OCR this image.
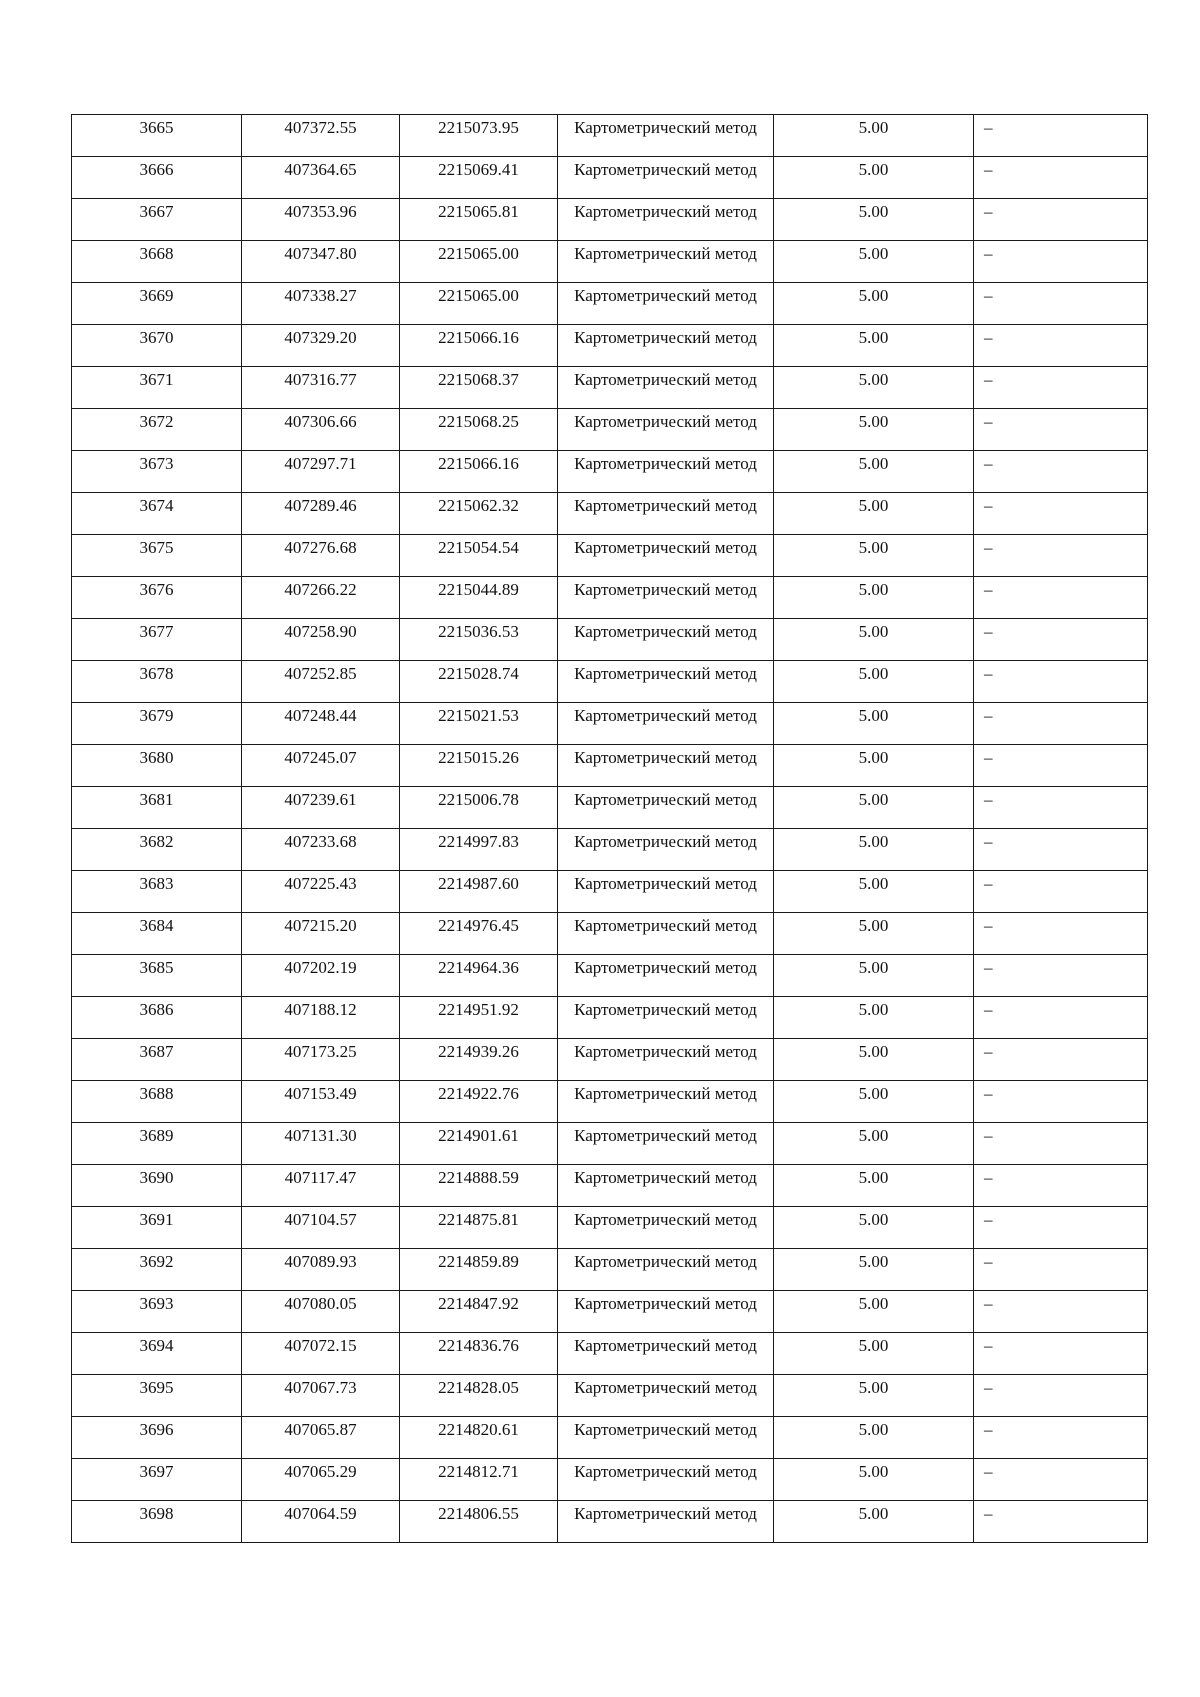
3665	407372.55	2215073.95	Картометрический метод	5.00	–

3666	407364.65	2215069.41	Картометрический метод	5.00	–

3667	407353.96	2215065.81	Картометрический метод	5.00	–

3668	407347.80	2215065.00	Картометрический метод	5.00	–

3669	407338.27	2215065.00	Картометрический метод	5.00	–

3670	407329.20	2215066.16	Картометрический метод	5.00	–

3671	407316.77	2215068.37	Картометрический метод	5.00	–

3672	407306.66	2215068.25	Картометрический метод	5.00	–

3673	407297.71	2215066.16	Картометрический метод	5.00	–

3674	407289.46	2215062.32	Картометрический метод	5.00	–

3675	407276.68	2215054.54	Картометрический метод	5.00	–

3676	407266.22	2215044.89	Картометрический метод	5.00	–

3677	407258.90	2215036.53	Картометрический метод	5.00	–

3678	407252.85	2215028.74	Картометрический метод	5.00	–

3679	407248.44	2215021.53	Картометрический метод	5.00	–

3680	407245.07	2215015.26	Картометрический метод	5.00	–

3681	407239.61	2215006.78	Картометрический метод	5.00	–

3682	407233.68	2214997.83	Картометрический метод	5.00	–

3683	407225.43	2214987.60	Картометрический метод	5.00	–

3684	407215.20	2214976.45	Картометрический метод	5.00	–

3685	407202.19	2214964.36	Картометрический метод	5.00	–

3686	407188.12	2214951.92	Картометрический метод	5.00	–

3687	407173.25	2214939.26	Картометрический метод	5.00	–

3688	407153.49	2214922.76	Картометрический метод	5.00	–

3689	407131.30	2214901.61	Картометрический метод	5.00	–

3690	407117.47	2214888.59	Картометрический метод	5.00	–

3691	407104.57	2214875.81	Картометрический метод	5.00	–

3692	407089.93	2214859.89	Картометрический метод	5.00	–

3693	407080.05	2214847.92	Картометрический метод	5.00	–

3694	407072.15	2214836.76	Картометрический метод	5.00	–

3695	407067.73	2214828.05	Картометрический метод	5.00	–

3696	407065.87	2214820.61	Картометрический метод	5.00	–

3697	407065.29	2214812.71	Картометрический метод	5.00	–

3698	407064.59	2214806.55	Картометрический метод	5.00	–
